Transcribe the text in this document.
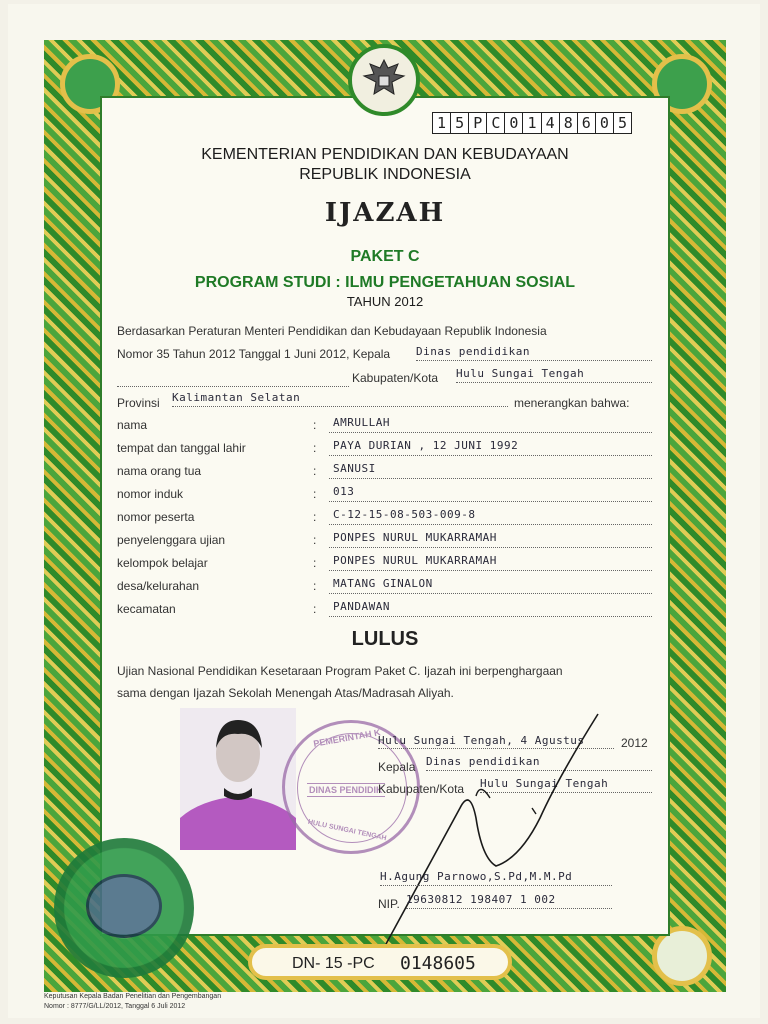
1 5 P C 0 1 4 8 6 0 5
KEMENTERIAN PENDIDIKAN DAN KEBUDAYAAN
REPUBLIK INDONESIA
IJAZAH
PAKET C
PROGRAM STUDI : ILMU PENGETAHUAN SOSIAL
TAHUN 2012
Berdasarkan Peraturan Menteri Pendidikan dan Kebudayaan Republik Indonesia
Nomor 35 Tahun 2012 Tanggal 1 Juni 2012, Kepala Dinas pendidikan
Kabupaten/Kota Hulu Sungai Tengah
Provinsi Kalimantan Selatan	menerangkan bahwa:
nama	:	AMRULLAH
tempat dan tanggal lahir	:	PAYA DURIAN , 12 JUNI 1992
nama orang tua	:	SANUSI
nomor induk	:	013
nomor peserta	:	C-12-15-08-503-009-8
penyelenggara ujian	:	PONPES NURUL MUKARRAMAH
kelompok belajar	:	PONPES NURUL MUKARRAMAH
desa/kelurahan	:	MATANG GINALON
kecamatan	:	PANDAWAN
LULUS
Ujian Nasional Pendidikan Kesetaraan Program Paket C. Ijazah ini berpenghargaan
sama dengan Ijazah Sekolah Menengah Atas/Madrasah Aliyah.
PEMERINTAH K
DINAS PENDIDIK
HULU SUNGAI TENGAH
Hulu Sungai Tengah, 4 Agustus	2012
Kepala Dinas pendidikan
Kabupaten/Kota Hulu Sungai Tengah
H.Agung Parnowo,S.Pd,M.M.Pd
NIP. 19630812 198407 1 002
DN- 15 -PC 0148605
Keputusan Kepala Badan Penelitian dan Pengembangan
Nomor : 8777/G/LL/2012, Tanggal 6 Juli 2012
